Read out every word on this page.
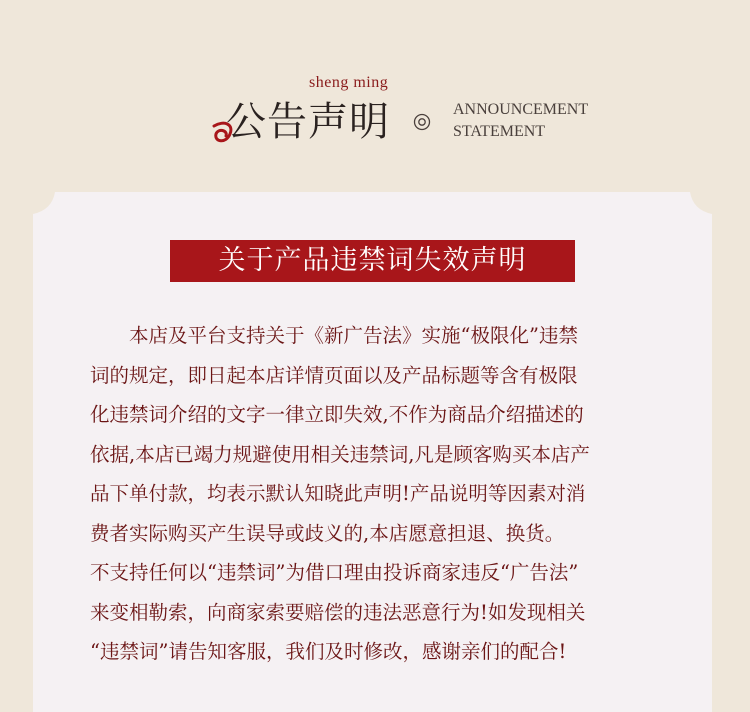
sheng ming
公告声明	ANNOUNCEMENT
STATEMENT
关于产品违禁词失效声明
　　本店及平台支持关于《新广告法》实施“极限化”违禁
词的规定，即日起本店详情页面以及产品标题等含有极限
化违禁词介绍的文字一律立即失效,不作为商品介绍描述的
依据,本店已竭力规避使用相关违禁词,凡是顾客购买本店产
品下单付款，均表示默认知晓此声明!产品说明等因素对消
费者实际购买产生误导或歧义的,本店愿意担退、换货。
不支持任何以“违禁词”为借口理由投诉商家违反“广告法”
来变相勒索，向商家索要赔偿的违法恶意行为!如发现相关
“违禁词”请告知客服，我们及时修改，感谢亲们的配合!
